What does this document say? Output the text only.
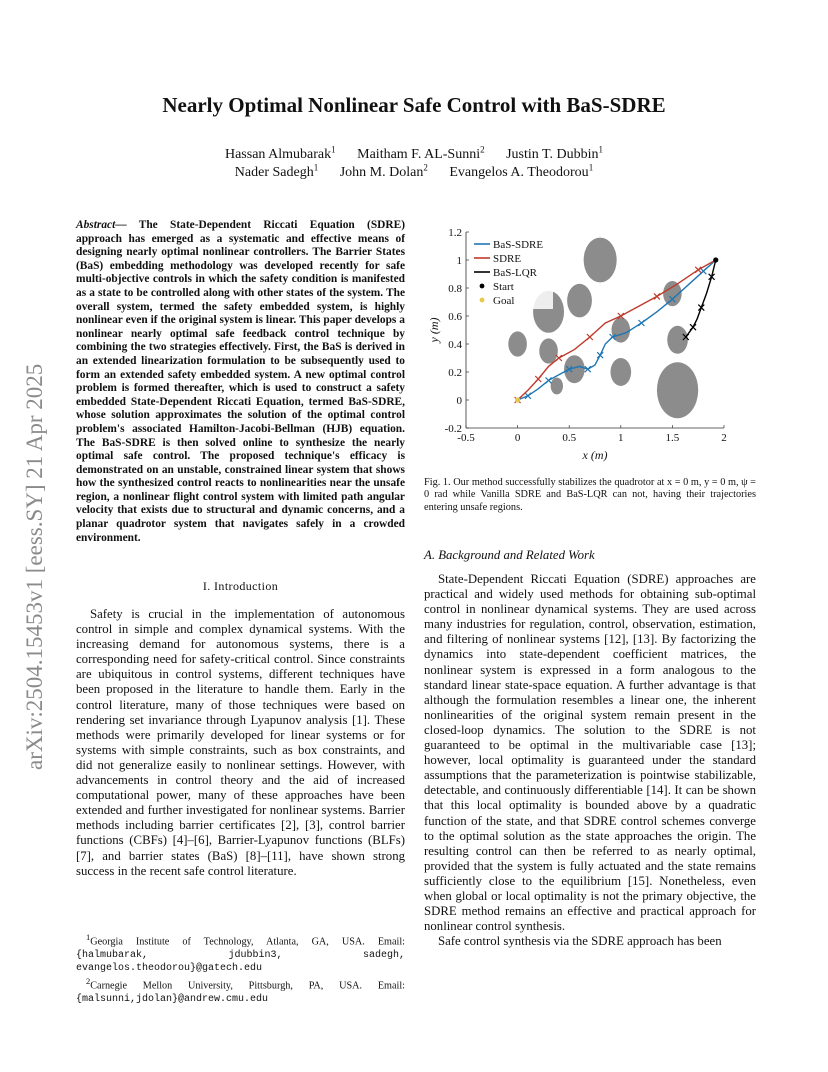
arXiv:2504.15453v1 [eess.SY] 21 Apr 2025
Nearly Optimal Nonlinear Safe Control with BaS-SDRE
Hassan Almubarak$^1$ Maitham F. AL-Sunni$^2$ Justin T. Dubbin$^1$
Nader Sadegh$^1$ John M. Dolan$^2$ Evangelos A. Theodorou$^1$
Abstract— The State-Dependent Riccati Equation (SDRE) approach has emerged as a systematic and effective means of designing nearly optimal nonlinear controllers. The Barrier States (BaS) embedding methodology was developed recently for safe multi-objective controls in which the safety condition is manifested as a state to be controlled along with other states of the system. The overall system, termed the safety embedded system, is highly nonlinear even if the original system is linear. This paper develops a nonlinear nearly optimal safe feedback control technique by combining the two strategies effectively. First, the BaS is derived in an extended linearization formulation to be subsequently used to form an extended safety embedded system. A new optimal control problem is formed thereafter, which is used to construct a safety embedded State-Dependent Riccati Equation, termed BaS-SDRE, whose solution approximates the solution of the optimal control problem's associated Hamilton-Jacobi-Bellman (HJB) equation. The BaS-SDRE is then solved online to synthesize the nearly optimal safe control. The proposed technique's efficacy is demonstrated on an unstable, constrained linear system that shows how the synthesized control reacts to nonlinearities near the unsafe region, a nonlinear flight control system with limited path angular velocity that exists due to structural and dynamic concerns, and a planar quadrotor system that navigates safely in a crowded environment.
I. Introduction

Safety is crucial in the implementation of autonomous control in simple and complex dynamical systems. With the increasing demand for autonomous systems, there is a corresponding need for safety-critical control. Since constraints are ubiquitous in control systems, different techniques have been proposed in the literature to handle them. Early in the control literature, many of those techniques were based on rendering set invariance through Lyapunov analysis [1]. These methods were primarily developed for linear systems or for systems with simple constraints, such as box constraints, and did not generalize easily to nonlinear settings. However, with advancements in control theory and the aid of increased computational power, many of these approaches have been extended and further investigated for nonlinear systems. Barrier methods including barrier certificates [2], [3], control barrier functions (CBFs) [4]–[6], Barrier-Lyapunov functions (BLFs) [7], and barrier states (BaS) [8]–[11], have shown strong success in the recent safe control literature.

$^1$Georgia Institute of Technology, Atlanta, GA, USA. Email: {halmubarak, jdubbin3, sadegh, evangelos.theodorou}@gatech.edu
$^2$Carnegie Mellon University, Pittsburgh, PA, USA. Email: {malsunni,jdolan}@andrew.cmu.edu
-0.5	0	0.5	1	1.5	2
-0.2
0
0.2
0.4
0.6
0.8
1
1.2
x (m)
y (m)
BaS-SDRE
SDRE
BaS-LQR
Start
Goal
Fig. 1. Our method successfully stabilizes the quadrotor at x = 0 m, y = 0 m, ψ = 0 rad while Vanilla SDRE and BaS-LQR can not, having their trajectories entering unsafe regions.
A. Background and Related Work

State-Dependent Riccati Equation (SDRE) approaches are practical and widely used methods for obtaining sub-optimal control in nonlinear dynamical systems. They are used across many industries for regulation, control, observation, estimation, and filtering of nonlinear systems [12], [13]. By factorizing the dynamics into state-dependent coefficient matrices, the nonlinear system is expressed in a form analogous to the standard linear state-space equation. A further advantage is that although the formulation resembles a linear one, the inherent nonlinearities of the original system remain present in the closed-loop dynamics. The solution to the SDRE is not guaranteed to be optimal in the multivariable case [13]; however, local optimality is guaranteed under the standard assumptions that the parameterization is pointwise stabilizable, detectable, and continuously differentiable [14]. It can be shown that this local optimality is bounded above by a quadratic function of the state, and that SDRE control schemes converge to the optimal solution as the state approaches the origin. The resulting control can then be referred to as nearly optimal, provided that the system is fully actuated and the state remains sufficiently close to the equilibrium [15]. Nonetheless, even when global or local optimality is not the primary objective, the SDRE method remains an effective and practical approach for nonlinear control synthesis.

Safe control synthesis via the SDRE approach has been
